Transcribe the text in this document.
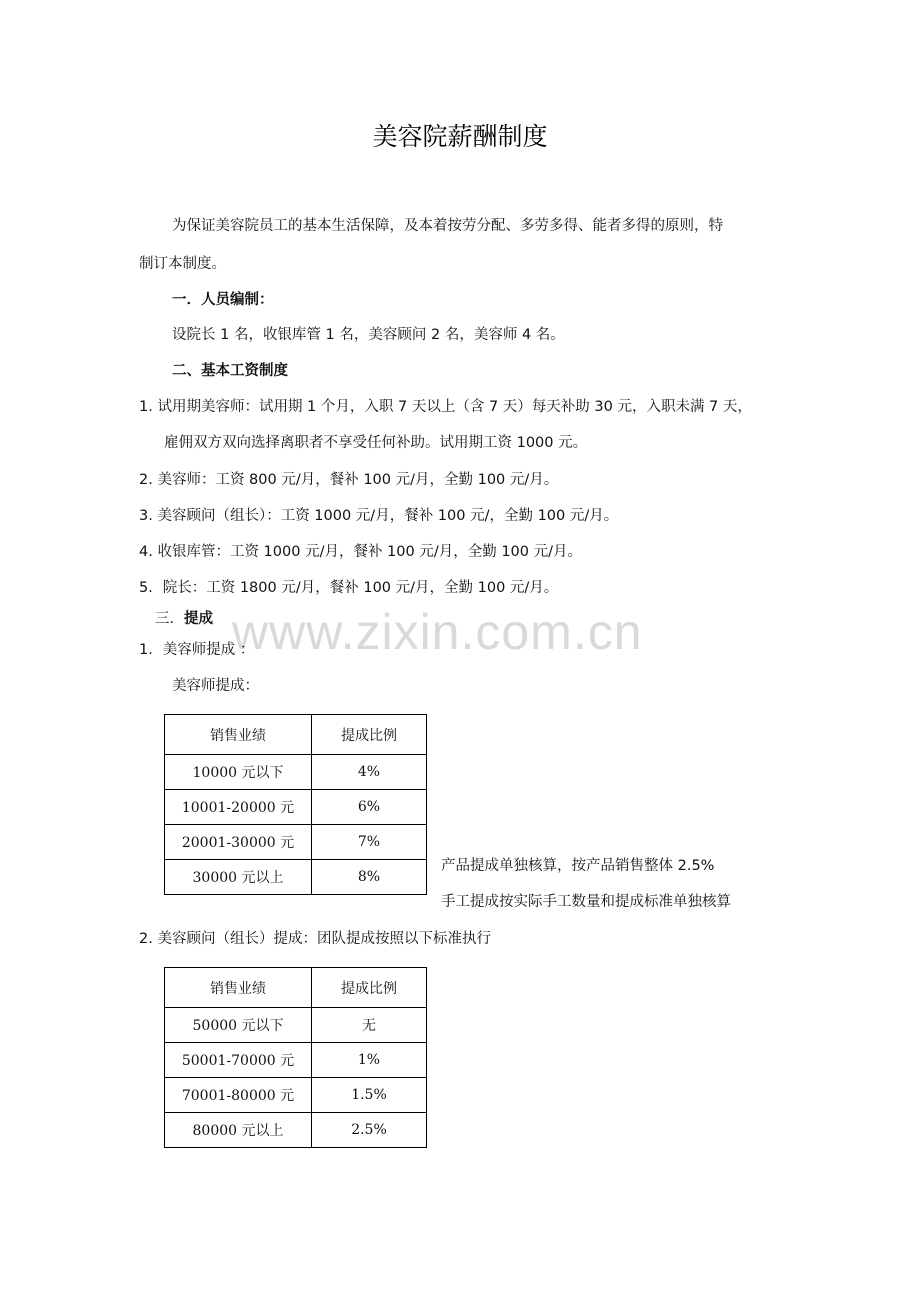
美容院薪酬制度
为保证美容院员工的基本生活保障，及本着按劳分配、多劳多得、能者多得的原则，特
制订本制度。
一．人员编制：
设院长 1 名，收银库管 1 名，美容顾问 2 名，美容师 4 名。
二、基本工资制度
1. 试用期美容师：试用期 1 个月，入职 7 天以上（含 7 天）每天补助 30 元，入职未满 7 天，
雇佣双方双向选择离职者不享受任何补助。试用期工资 1000 元。
2. 美容师：工资 800 元/月，餐补 100 元/月，全勤 100 元/月。
3. 美容顾问（组长）：工资 1000 元/月，餐补 100 元/，全勤 100 元/月。
4. 收银库管：工资 1000 元/月，餐补 100 元/月，全勤 100 元/月。
5．院长：工资 1800 元/月，餐补 100 元/月，全勤 100 元/月。
三．提成 www.zixin.com.cn
1．美容师提成 ：
美容师提成：
销售业绩	提成比例
10000 元以下	4%
10001-20000 元	6%
20001-30000 元	7%
30000 元以上	8%
产品提成单独核算，按产品销售整体 2.5%
手工提成按实际手工数量和提成标准单独核算
2. 美容顾问（组长）提成：团队提成按照以下标准执行
销售业绩	提成比例
50000 元以下	无
50001-70000 元	1%
70001-80000 元	1.5%
80000 元以上	2.5%
